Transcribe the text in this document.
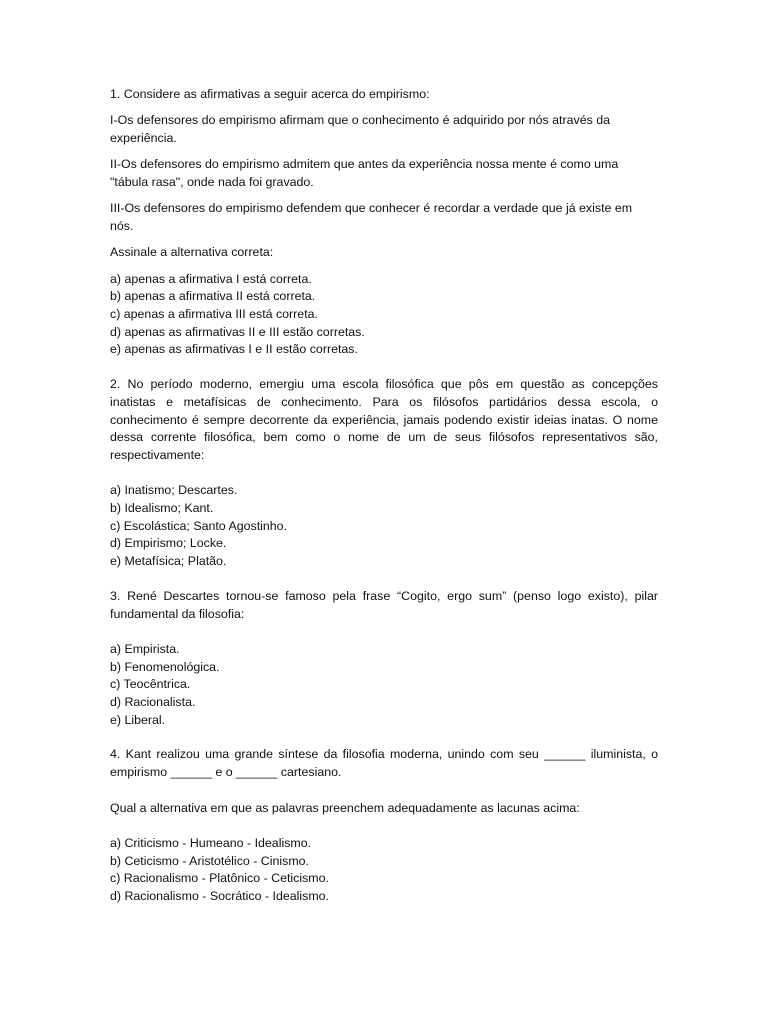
1. Considere as afirmativas a seguir acerca do empirismo:

I-Os defensores do empirismo afirmam que o conhecimento é adquirido por nós através da experiência.

II-Os defensores do empirismo admitem que antes da experiência nossa mente é como uma "tábula rasa", onde nada foi gravado.

III-Os defensores do empirismo defendem que conhecer é recordar a verdade que já existe em nós.

Assinale a alternativa correta:

a) apenas a afirmativa I está correta.
b) apenas a afirmativa II está correta.
c) apenas a afirmativa III está correta.
d) apenas as afirmativas II e III estão corretas.
e) apenas as afirmativas I e II estão corretas.

2. No período moderno, emergiu uma escola filosófica que pôs em questão as concepções inatistas e metafísicas de conhecimento. Para os filósofos partidários dessa escola, o conhecimento é sempre decorrente da experiência, jamais podendo existir ideias inatas. O nome dessa corrente filosófica, bem como o nome de um de seus filósofos representativos são, respectivamente:

a) Inatismo; Descartes.
b) Idealismo; Kant.
c) Escolástica; Santo Agostinho.
d) Empirismo; Locke.
e) Metafísica; Platão.

3. René Descartes tornou-se famoso pela frase “Cogito, ergo sum” (penso logo existo), pilar fundamental da filosofia:

a) Empirista.
b) Fenomenológica.
c) Teocêntrica.
d) Racionalista.
e) Liberal.

4. Kant realizou uma grande síntese da filosofia moderna, unindo com seu ______ iluminista, o empirismo ______ e o ______ cartesiano.

Qual a alternativa em que as palavras preenchem adequadamente as lacunas acima:

a) Criticismo - Humeano - Idealismo.
b) Ceticismo - Aristotélico - Cinismo.
c) Racionalismo - Platônico - Ceticismo.
d) Racionalismo - Socrático - Idealismo.
